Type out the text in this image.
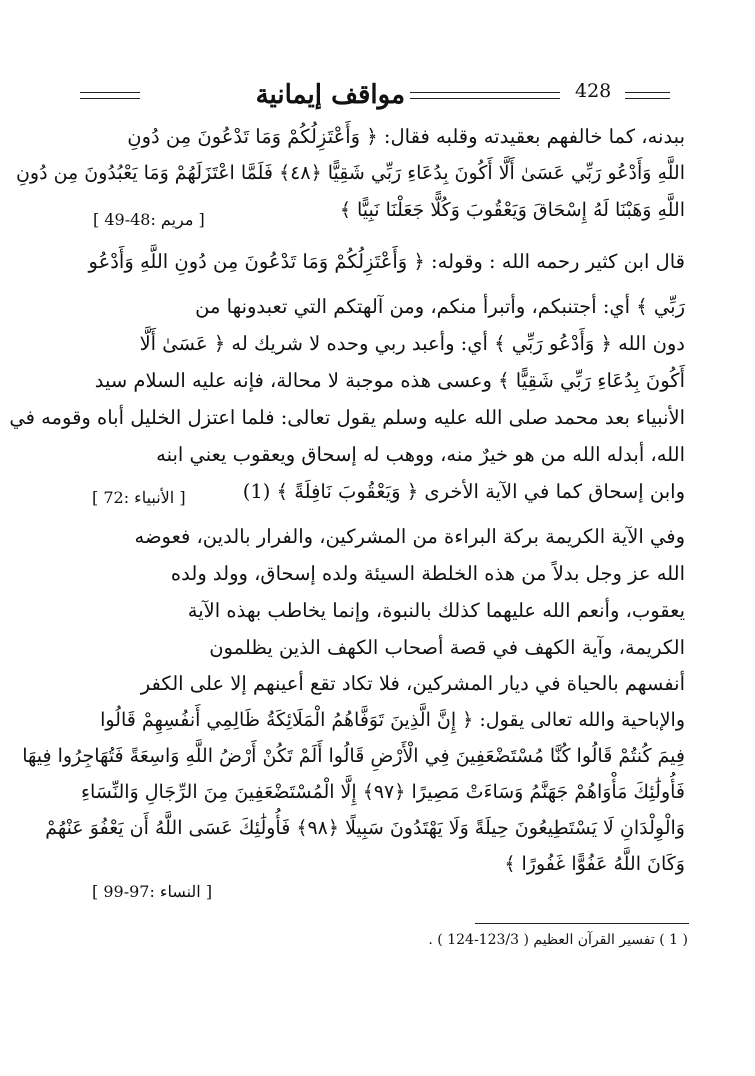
مواقف إيمانية	428
ببدنه، كما خالفهم بعقيدته وقلبه فقال: ﴿ وَأَعْتَزِلُكُمْ وَمَا تَدْعُونَ مِن دُونِ
اللَّهِ وَأَدْعُو رَبِّي عَسَىٰ أَلَّا أَكُونَ بِدُعَاءِ رَبِّي شَقِيًّا ﴿٤٨﴾ فَلَمَّا اعْتَزَلَهُمْ وَمَا يَعْبُدُونَ مِن دُونِ
اللَّهِ وَهَبْنَا لَهُ إِسْحَاقَ وَيَعْقُوبَ وَكُلًّا جَعَلْنَا نَبِيًّا ﴾
قال ابن كثير رحمه الله : وقوله: ﴿ وَأَعْتَزِلُكُمْ وَمَا تَدْعُونَ مِن دُونِ اللَّهِ وَأَدْعُو
رَبِّي ﴾ أي: أجتنبكم، وأتبرأ منكم، ومن آلهتكم التي تعبدونها من
دون الله ﴿ وَأَدْعُو رَبِّي ﴾ أي: وأعبد ربي وحده لا شريك له ﴿ عَسَىٰ أَلَّا
أَكُونَ بِدُعَاءِ رَبِّي شَقِيًّا ﴾ وعسى هذه موجبة لا محالة، فإنه عليه السلام سيد
الأنبياء بعد محمد صلى الله عليه وسلم يقول تعالى: فلما اعتزل الخليل أباه وقومه في
الله، أبدله الله من هو خيرٌ منه، ووهب له إسحاق ويعقوب يعني ابنه
وابن إسحاق كما في الآية الأخرى ﴿ وَيَعْقُوبَ نَافِلَةً ﴾ (1)
وفي الآية الكريمة بركة البراءة من المشركين، والفرار بالدين، فعوضه
الله عز وجل بدلاً من هذه الخلطة السيئة ولده إسحاق، وولد ولده
يعقوب، وأنعم الله عليهما كذلك بالنبوة، وإنما يخاطب بهذه الآية
الكريمة، وآية الكهف في قصة أصحاب الكهف الذين يظلمون
أنفسهم بالحياة في ديار المشركين، فلا تكاد تقع أعينهم إلا على الكفر
والإباحية والله تعالى يقول: ﴿ إِنَّ الَّذِينَ تَوَفَّاهُمُ الْمَلَائِكَةُ ظَالِمِي أَنفُسِهِمْ قَالُوا
فِيمَ كُنتُمْ قَالُوا كُنَّا مُسْتَضْعَفِينَ فِي الْأَرْضِ قَالُوا أَلَمْ تَكُنْ أَرْضُ اللَّهِ وَاسِعَةً فَتُهَاجِرُوا فِيهَا
فَأُولَٰئِكَ مَأْوَاهُمْ جَهَنَّمُ وَسَاءَتْ مَصِيرًا ﴿٩٧﴾ إِلَّا الْمُسْتَضْعَفِينَ مِنَ الرِّجَالِ وَالنِّسَاءِ
وَالْوِلْدَانِ لَا يَسْتَطِيعُونَ حِيلَةً وَلَا يَهْتَدُونَ سَبِيلًا ﴿٩٨﴾ فَأُولَٰئِكَ عَسَى اللَّهُ أَن يَعْفُوَ عَنْهُمْ
وَكَانَ اللَّهُ عَفُوًّا غَفُورًا ﴾
[ مريم :48-49 ]
[ الأنبياء :72 ]
[ النساء :97-99 ]
( 1 ) تفسير القرآن العظيم ( 123/3-124 ) .
